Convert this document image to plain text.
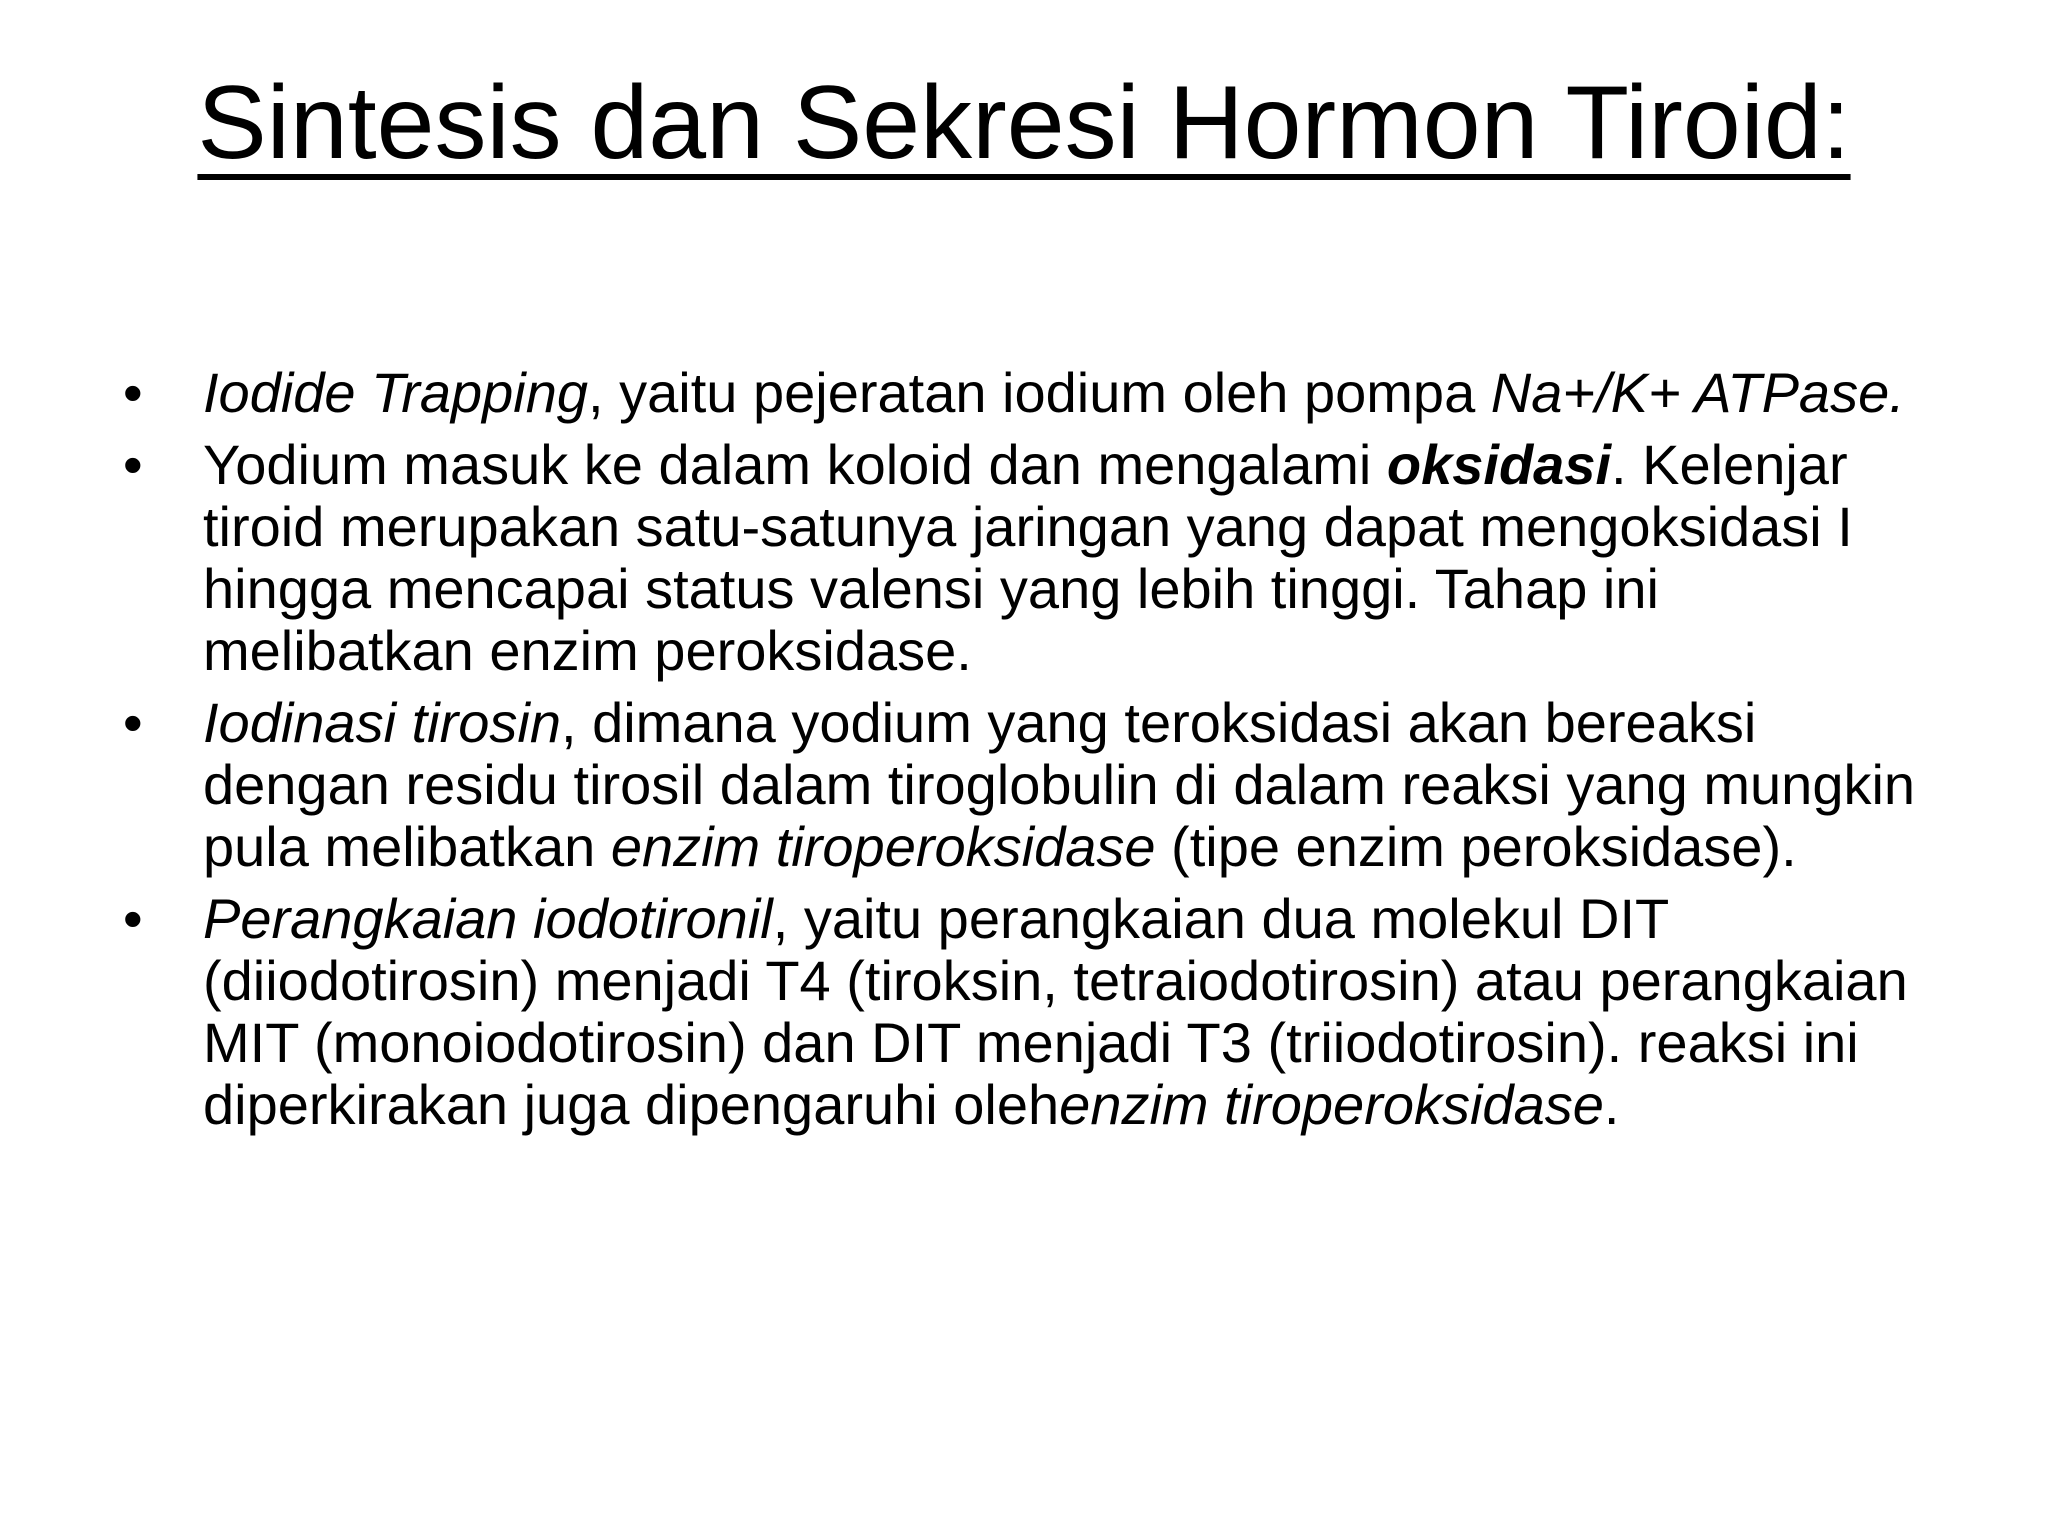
Sintesis dan Sekresi Hormon Tiroid:
• Iodide Trapping, yaitu pejeratan iodium oleh pompa Na+/K+ ATPase.
• Yodium masuk ke dalam koloid dan mengalami oksidasi. Kelenjar tiroid merupakan satu-satunya jaringan yang dapat mengoksidasi I hingga mencapai status valensi yang lebih tinggi. Tahap ini melibatkan enzim peroksidase.
• Iodinasi tirosin, dimana yodium yang teroksidasi akan bereaksi dengan residu tirosil dalam tiroglobulin di dalam reaksi yang mungkin pula melibatkan enzim tiroperoksidase (tipe enzim peroksidase).
• Perangkaian iodotironil, yaitu perangkaian dua molekul DIT (diiodotirosin) menjadi T4 (tiroksin, tetraiodotirosin) atau perangkaian MIT (monoiodotirosin) dan DIT menjadi T3 (triiodotirosin). reaksi ini diperkirakan juga dipengaruhi olehenzim tiroperoksidase.
